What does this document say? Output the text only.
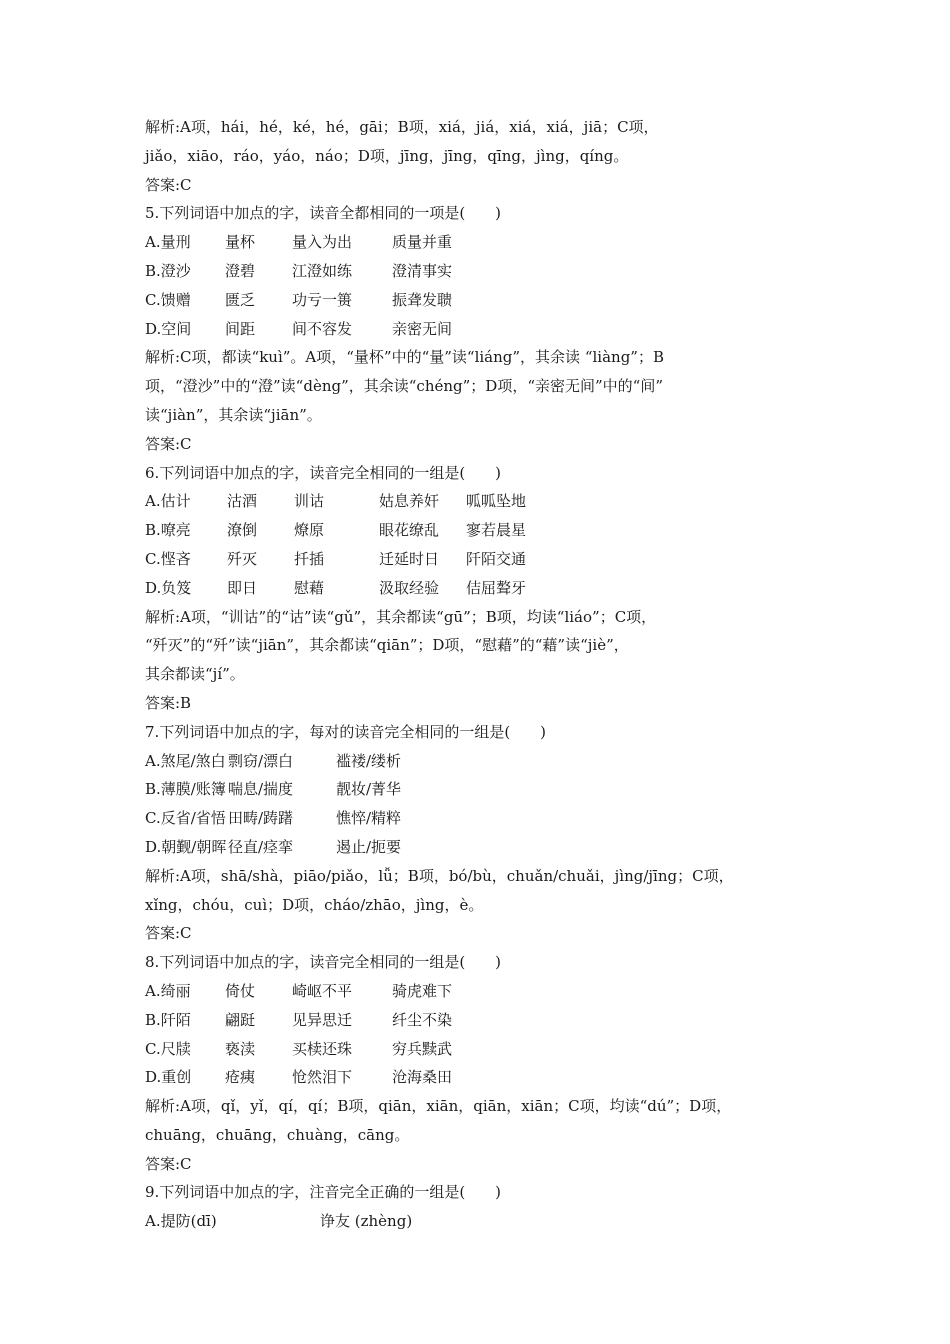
解析:A项，hái，hé，ké，hé，gāi；B项，xiá，jiá，xiá，xiá，jiā；C项，
jiǎo，xiāo，ráo，yáo，náo；D项，jīng，jīng，qīng，jìng，qíng。
答案:C
5.下列词语中加点的字，读音全都相同的一项是(　　)
A.量刑	量杯	量入为出	质量并重
B.澄沙	澄碧	江澄如练	澄清事实
C.馈赠	匮乏	功亏一篑	振聋发聩
D.空间	间距	间不容发	亲密无间
解析:C项，都读“kuì”。A项，“量杯”中的“量”读“liáng”，其余读 “liàng”；B
项，“澄沙”中的“澄”读“dèng”，其余读“chéng”；D项，“亲密无间”中的“间”
读“jiàn”，其余读“jiān”。
答案:C
6.下列词语中加点的字，读音完全相同的一组是(　　)
A.估计	沽酒	训诂	姑息养奸	呱呱坠地
B.嘹亮	潦倒	燎原	眼花缭乱	寥若晨星
C.悭吝	歼灭	扦插	迁延时日	阡陌交通
D.负笈	即日	慰藉	汲取经验	佶屈聱牙
解析:A项，“训诂”的“诂”读“gǔ”，其余都读“gū”；B项，均读“liáo”；C项，
“歼灭”的“歼”读“jiān”，其余都读“qiān”；D项，“慰藉”的“藉”读“jiè”，
其余都读“jí”。
答案:B
7.下列词语中加点的字，每对的读音完全相同的一组是(　　)
A.煞尾/煞白 剽窃/漂白	褴褛/缕析
B.薄膜/账簿 喘息/揣度	靓妆/菁华
C.反省/省悟 田畴/踌躇	憔悴/精粹
D.朝觐/朝晖 径直/痉挛	遏止/扼要
解析:A项，shā/shà，piāo/piǎo，lǚ；B项，bó/bù，chuǎn/chuǎi，jìng/jīng；C项，
xǐng，chóu，cuì；D项，cháo/zhāo，jìng，è。
答案:C
8.下列词语中加点的字，读音完全相同的一组是(　　)
A.绮丽	倚仗	崎岖不平	骑虎难下
B.阡陌	翩跹	见异思迁	纤尘不染
C.尺牍	亵渎	买椟还珠	穷兵黩武
D.重创	疮痍	怆然泪下	沧海桑田
解析:A项，qǐ，yǐ，qí，qí；B项，qiān，xiān，qiān，xiān；C项，均读“dú”；D项，
chuāng，chuāng，chuàng，cāng。
答案:C
9.下列词语中加点的字，注音完全正确的一组是(　　)
A.提防(dī)	诤友 (zhèng)
